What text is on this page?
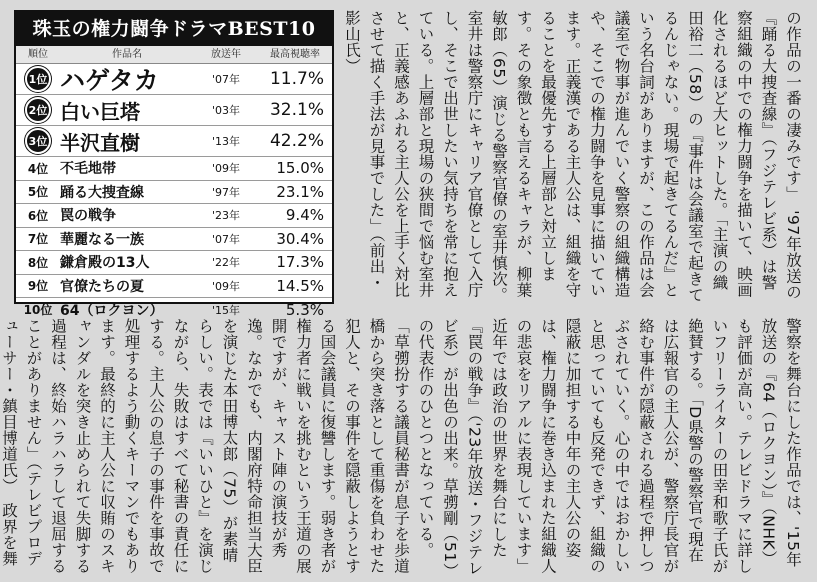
珠玉の権力闘争ドラマBEST10
順位	作品名	放送年	最高視聴率
1位 ハゲタカ	'07年	11.7%
2位 白い巨塔	'03年	32.1%
3位 半沢直樹	'13年	42.2%
4位 不毛地帯	'09年	15.0%
5位 踊る大捜査線	'97年	23.1%
6位 罠の戦争	'23年	9.4%
7位 華麗なる一族	'07年	30.4%
8位 鎌倉殿の13人	'22年	17.3%
9位 官僚たちの夏	'09年	14.5%
10位 64（ロクヨン）	'15年	5.3%

の作品の一番の凄みです」　'97年放送の『踊る大捜査線』（フジテレビ系）は警察組織の中での権力闘争を描いて、映画化されるほど大ヒットした。「主演の織田裕二（58）の『事件は会議室で起きてるんじゃない。現場で起きてるんだ』という名台詞がありますが、この作品は会議室で物事が進んでいく警察の組織構造や、そこでの権力闘争を見事に描いています。正義漢である主人公は、組織を守ることを最優先する上層部と対立します。その象徴とも言えるキャラが、柳葉敏郎（65）演じる警察官僚の室井慎次。室井は警察庁にキャリア官僚として入庁し、そこで出世したい気持ちを常に抱えている。上層部と現場の狭間で悩む室井と、正義感あふれる主人公を上手く対比させて描く手法が見事でした」（前出・影山氏）

警察を舞台にした作品では、'15年放送の『64（ロクヨン）』（NHK）も評価が高い。テレビドラマに詳しいフリーライターの田幸和歌子氏が絶賛する。「D県警の警察官で現在は広報官の主人公が、警察庁長官が絡む事件が隠蔽される過程で押しつぶされていく。心の中ではおかしいと思っていても反発できず、組織の隠蔽に加担する中年の主人公の姿は、権力闘争に巻き込まれた組織人の悲哀をリアルに表現しています」　近年では政治の世界を舞台にした『罠の戦争』（'23年放送・フジテレビ系）が出色の出来。草彅剛（51）の代表作のひとつとなっている。「草彅扮する議員秘書が息子を歩道橋から突き落として重傷を負わせた犯人と、その事件を隠蔽しようとする国会議員に復讐します。弱き者が権力者に戦いを挑むという王道の展開ですが、キャスト陣の演技が秀逸。なかでも、内閣府特命担当大臣を演じた本田博太郎（75）が素晴らしい。表では『いいひと』を演じながら、失敗はすべて秘書の責任にする。主人公の息子の事件を事故で処理するよう動くキーマンでもあります。最終的に主人公に収賄のスキャンダルを突き止められて失脚する過程は、終始ハラハラして退屈することがありません」（テレビプロデューサー・鎮目博道氏）　政界を舞
